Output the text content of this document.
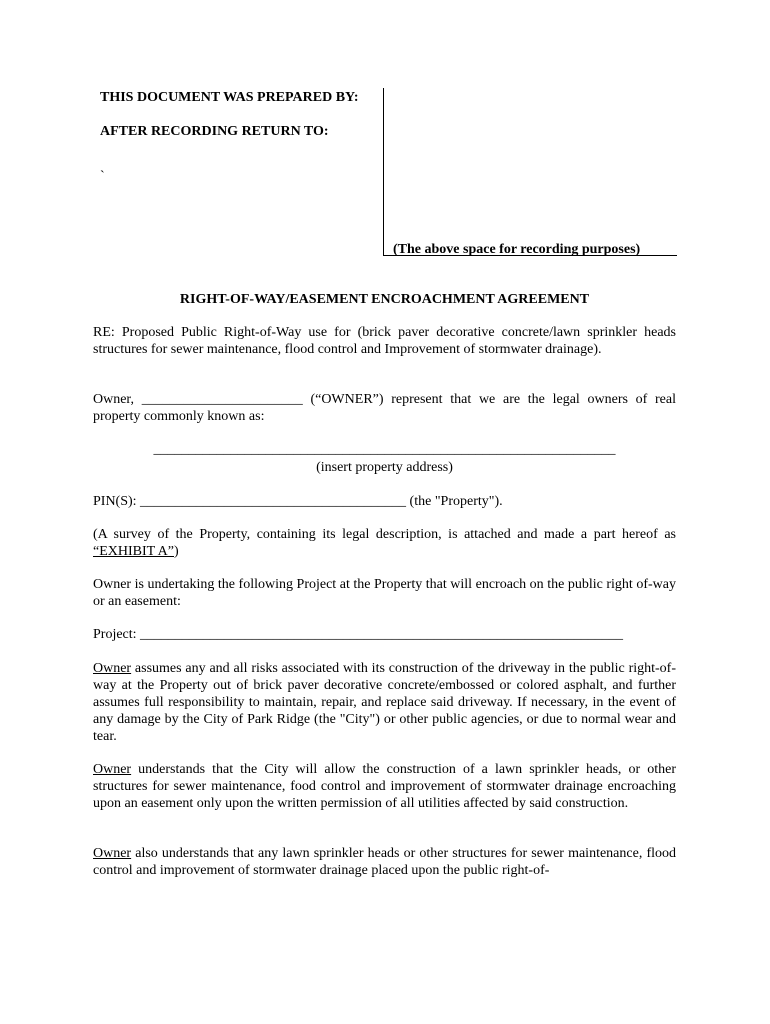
THIS DOCUMENT WAS PREPARED BY:

AFTER RECORDING RETURN TO:

`

(The above space for recording purposes)
RIGHT-OF-WAY/EASEMENT ENCROACHMENT AGREEMENT

RE: Proposed Public Right-of-Way use for (brick paver decorative concrete/lawn sprinkler heads structures for sewer maintenance, flood control and Improvement of stormwater drainage).

Owner, _______________________ (“OWNER”) represent that we are the legal owners of real property commonly known as:

__________________________________________________________________

(insert property address)

PIN(S): ______________________________________ (the "Property").

(A survey of the Property, containing its legal description, is attached and made a part hereof as “EXHIBIT A”)

Owner is undertaking the following Project at the Property that will encroach on the public right of-way or an easement:

Project: _____________________________________________________________________

Owner assumes any and all risks associated with its construction of the driveway in the public right-of-way at the Property out of brick paver decorative concrete/embossed or colored asphalt, and further assumes full responsibility to maintain, repair, and replace said driveway. If necessary, in the event of any damage by the City of Park Ridge (the "City") or other public agencies, or due to normal wear and tear.

Owner understands that the City will allow the construction of a lawn sprinkler heads, or other structures for sewer maintenance, food control and improvement of stormwater drainage encroaching upon an easement only upon the written permission of all utilities affected by said construction.

Owner also understands that any lawn sprinkler heads or other structures for sewer maintenance, flood control and improvement of stormwater drainage placed upon the public right-of-
